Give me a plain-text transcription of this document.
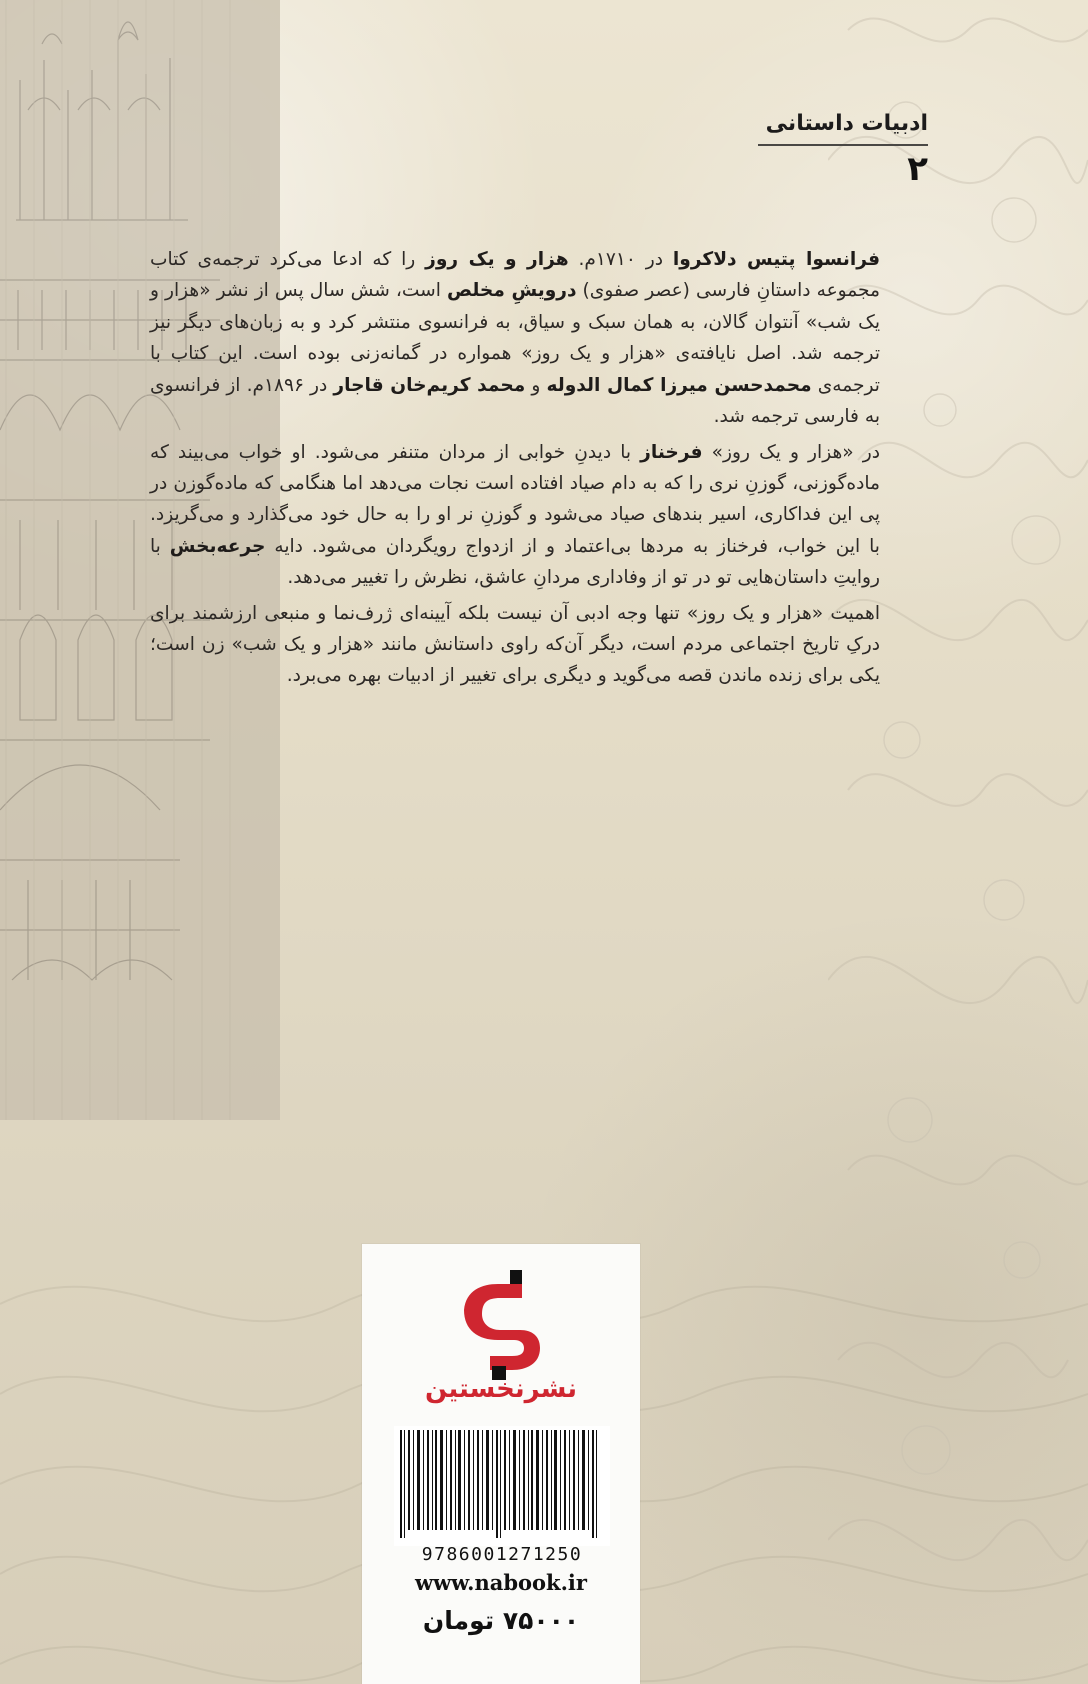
ادبیات داستانی
۲

فرانسوا پتیس دلاکروا در ۱۷۱۰م. هزار و یک روز را که ادعا می‌کرد ترجمه‌ی کتاب مجموعه داستانِ فارسی (عصر صفوی) درویشِ مخلص است، شش سال پس از نشر «هزار و یک شب» آنتوان گالان، به همان سبک و سیاق، به فرانسوی منتشر کرد و به زبان‌های دیگر نیز ترجمه شد. اصل نایافته‌ی «هزار و یک روز» همواره در گمانه‌زنی بوده است. این کتاب با ترجمه‌ی محمدحسن میرزا کمال الدوله و محمد کریم‌خان قاجار در ۱۸۹۶م. از فرانسوی به فارسی ترجمه شد.

در «هزار و یک روز» فرخناز با دیدنِ خوابی از مردان متنفر می‌شود. او خواب می‌بیند که ماده‌گوزنی، گوزنِ نری را که به دام صیاد افتاده است نجات می‌دهد اما هنگامی که ماده‌گوزن در پی این فداکاری، اسیر بندهای صیاد می‌شود و گوزنِ نر او را به حال خود می‌گذارد و می‌گریزد. با این خواب، فرخناز به مردها بی‌اعتماد و از ازدواج رویگردان می‌شود. دایه جرعه‌بخش با روایتِ داستان‌هایی تو در تو از وفاداری مردانِ عاشق، نظرش را تغییر می‌دهد.

اهمیت «هزار و یک روز» تنها وجه ادبی آن نیست بلکه آیینه‌ای ژرف‌نما و منبعی ارزشمند برای درکِ تاریخ اجتماعی مردم است، دیگر آن‌که راوی داستانش مانند «هزار و یک شب» زن است؛ یکی برای زنده ماندن قصه می‌گوید و دیگری برای تغییر از ادبیات بهره می‌برد.

نشرنخستین
9786001271250
www.nabook.ir
۷۵۰۰۰ تومان
